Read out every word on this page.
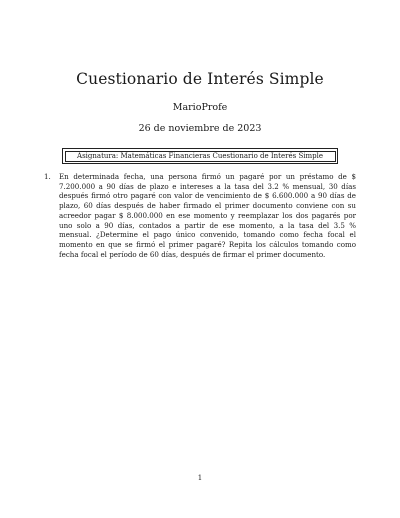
Cuestionario de Interés Simple
MarioProfe
26 de noviembre de 2023
Asignatura: Matemáticas Financieras Cuestionario de Interés Simple
1. En determinada fecha, una persona firmó un pagaré por un préstamo de $ 7.200.000 a 90 días de plazo e intereses a la tasa del 3.2 % mensual, 30 días después firmó otro pagaré con valor de vencimiento de $ 6.600.000 a 90 días de plazo, 60 días después de haber firmado el primer documento conviene con su acreedor pagar $ 8.000.000 en ese momento y reemplazar los dos pagarés por uno solo a 90 días, contados a partir de ese momento, a la tasa del 3.5 % mensual. ¿Determine el pago único convenido, tomando como fecha focal el momento en que se firmó el primer pagaré? Repita los cálculos tomando como fecha focal el período de 60 días, después de firmar el primer documento.
1
